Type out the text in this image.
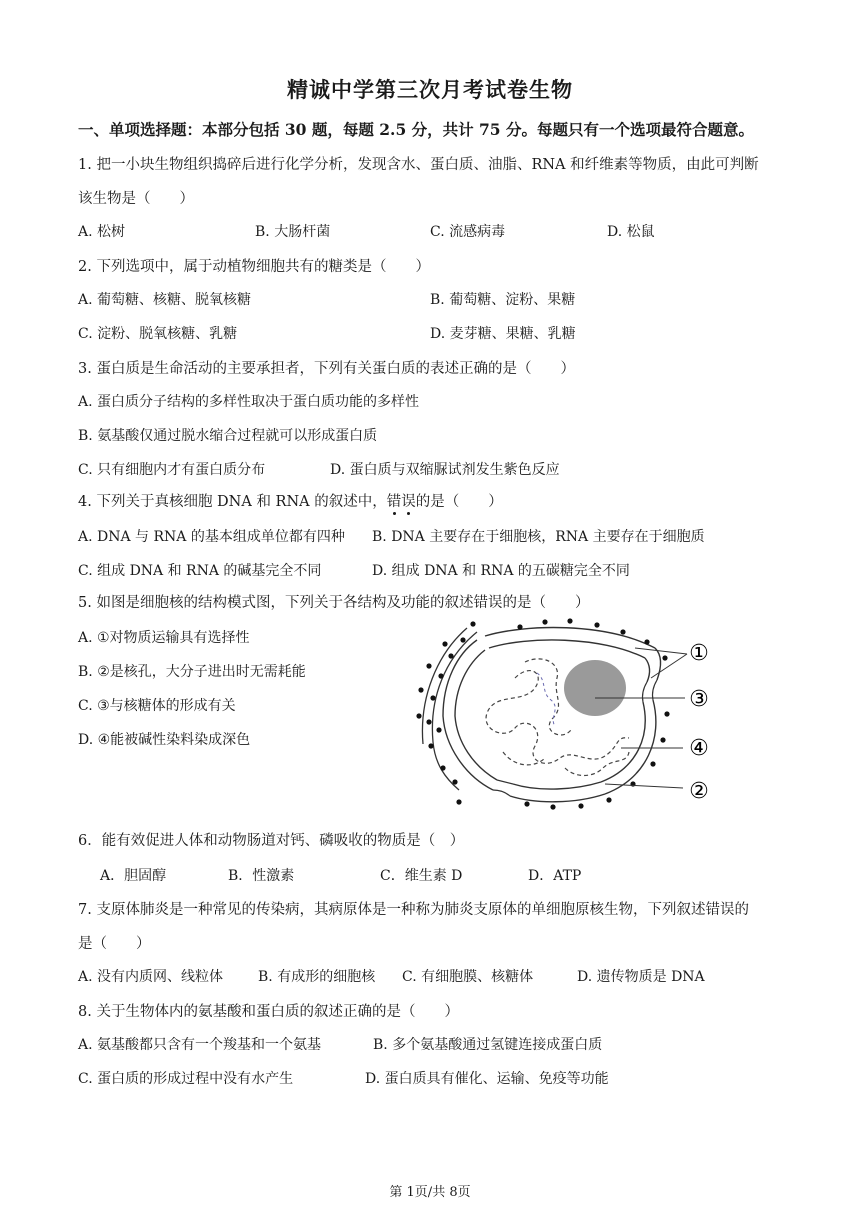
精诚中学第三次月考试卷生物
一、单项选择题：本部分包括 30 题，每题 2.5 分，共计 75 分。每题只有一个选项最符合题意。
1. 把一小块生物组织捣碎后进行化学分析，发现含水、蛋白质、油脂、RNA 和纤维素等物质，由此可判断
该生物是（　　）
A. 松树	B. 大肠杆菌	C. 流感病毒	D. 松鼠
2. 下列选项中，属于动植物细胞共有的糖类是（　　）
A. 葡萄糖、核糖、脱氧核糖	B. 葡萄糖、淀粉、果糖
C. 淀粉、脱氧核糖、乳糖	D. 麦芽糖、果糖、乳糖
3. 蛋白质是生命活动的主要承担者，下列有关蛋白质的表述正确的是（　　）
A. 蛋白质分子结构的多样性取决于蛋白质功能的多样性
B. 氨基酸仅通过脱水缩合过程就可以形成蛋白质
C. 只有细胞内才有蛋白质分布	D. 蛋白质与双缩脲试剂发生紫色反应
4. 下列关于真核细胞 DNA 和 RNA 的叙述中，错误的是（　　）
A. DNA 与 RNA 的基本组成单位都有四种 B. DNA 主要存在于细胞核，RNA 主要存在于细胞质
C. 组成 DNA 和 RNA 的碱基完全不同	D. 组成 DNA 和 RNA 的五碳糖完全不同
5. 如图是细胞核的结构模式图，下列关于各结构及功能的叙述错误的是（　　）
A. ①对物质运输具有选择性
B. ②是核孔，大分子进出时无需耗能
C. ③与核糖体的形成有关
D. ④能被碱性染料染成深色
①
③
④
②
6．能有效促进人体和动物肠道对钙、磷吸收的物质是（　）
A．胆固醇	B．性激素	C．维生素 D	D．ATP
7. 支原体肺炎是一种常见的传染病，其病原体是一种称为肺炎支原体的单细胞原核生物，下列叙述错误的
是（　　）
A. 没有内质网、线粒体 B. 有成形的细胞核 C. 有细胞膜、核糖体	D. 遗传物质是 DNA
8. 关于生物体内的氨基酸和蛋白质的叙述正确的是（　　）
A. 氨基酸都只含有一个羧基和一个氨基	B. 多个氨基酸通过氢键连接成蛋白质
C. 蛋白质的形成过程中没有水产生	D. 蛋白质具有催化、运输、免疫等功能
第 1页/共 8页
